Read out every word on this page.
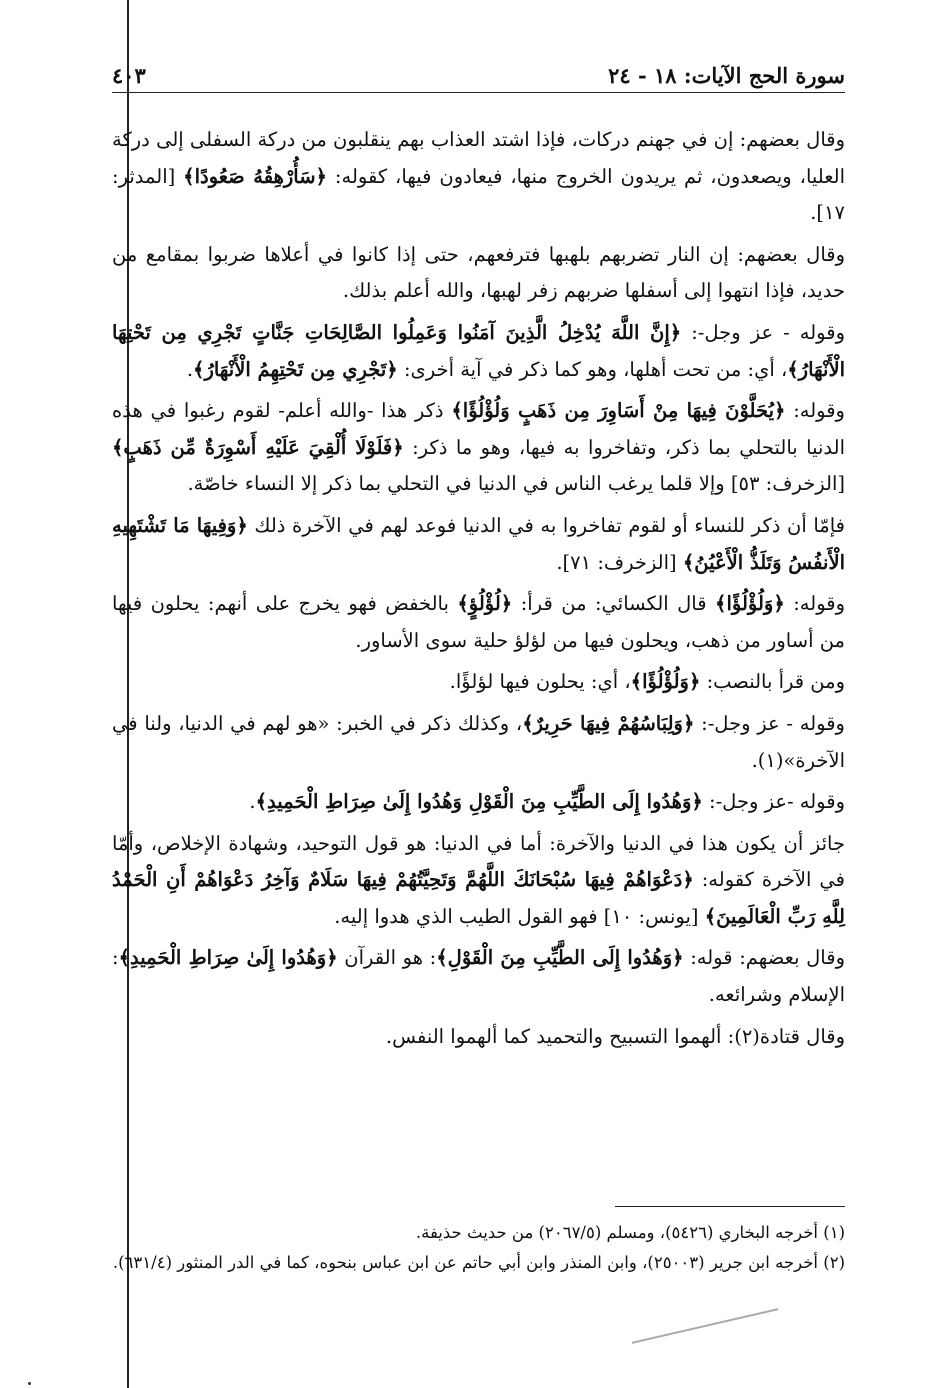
سورة الحج الآيات: ١٨ - ٢٤
٤٠٣

وقال بعضهم: إن في جهنم دركات، فإذا اشتد العذاب بهم ينقلبون من دركة السفلى إلى دركة العليا، ويصعدون، ثم يريدون الخروج منها، فيعادون فيها، كقوله: ﴿سَأُرْهِقُهُ صَعُودًا﴾ [المدثر: ١٧].

وقال بعضهم: إن النار تضربهم بلهبها فترفعهم، حتى إذا كانوا في أعلاها ضربوا بمقامع من حديد، فإذا انتهوا إلى أسفلها ضربهم زفر لهبها، والله أعلم بذلك.

وقوله - عز وجل-: ﴿إِنَّ اللَّهَ يُدْخِلُ الَّذِينَ آمَنُوا وَعَمِلُوا الصَّالِحَاتِ جَنَّاتٍ تَجْرِي مِن تَحْتِهَا الْأَنْهَارُ﴾، أي: من تحت أهلها، وهو كما ذكر في آية أخرى: ﴿تَجْرِي مِن تَحْتِهِمُ الْأَنْهَارُ﴾.

وقوله: ﴿يُحَلَّوْنَ فِيهَا مِنْ أَسَاوِرَ مِن ذَهَبٍ وَلُؤْلُؤًا﴾ ذكر هذا -والله أعلم- لقوم رغبوا في هذه الدنيا بالتحلي بما ذكر، وتفاخروا به فيها، وهو ما ذكر: ﴿فَلَوْلَا أُلْقِيَ عَلَيْهِ أَسْوِرَةٌ مِّن ذَهَبٍ﴾ [الزخرف: ٥٣] وإلا قلما يرغب الناس في الدنيا في التحلي بما ذكر إلا النساء خاصّة.

فإمّا أن ذكر للنساء أو لقوم تفاخروا به في الدنيا فوعد لهم في الآخرة ذلك ﴿وَفِيهَا مَا تَشْتَهِيهِ الْأَنفُسُ وَتَلَذُّ الْأَعْيُنُ﴾ [الزخرف: ٧١].

وقوله: ﴿وَلُؤْلُؤًا﴾ قال الكسائي: من قرأ: ﴿لُؤْلُؤٍ﴾ بالخفض فهو يخرج على أنهم: يحلون فيها من أساور من ذهب، ويحلون فيها من لؤلؤ حلية سوى الأساور.

ومن قرأ بالنصب: ﴿وَلُؤْلُؤًا﴾، أي: يحلون فيها لؤلؤًا.

وقوله - عز وجل-: ﴿وَلِبَاسُهُمْ فِيهَا حَرِيرٌ﴾، وكذلك ذكر في الخبر: «هو لهم في الدنيا، ولنا في الآخرة»(١).

وقوله -عز وجل-: ﴿وَهُدُوا إِلَى الطَّيِّبِ مِنَ الْقَوْلِ وَهُدُوا إِلَىٰ صِرَاطِ الْحَمِيدِ﴾.

جائز أن يكون هذا في الدنيا والآخرة: أما في الدنيا: هو قول التوحيد، وشهادة الإخلاص، وأمّا في الآخرة كقوله: ﴿دَعْوَاهُمْ فِيهَا سُبْحَانَكَ اللَّهُمَّ وَتَحِيَّتُهُمْ فِيهَا سَلَامٌ وَآخِرُ دَعْوَاهُمْ أَنِ الْحَمْدُ لِلَّهِ رَبِّ الْعَالَمِينَ﴾ [يونس: ١٠] فهو القول الطيب الذي هدوا إليه.

وقال بعضهم: قوله: ﴿وَهُدُوا إِلَى الطَّيِّبِ مِنَ الْقَوْلِ﴾: هو القرآن ﴿وَهُدُوا إِلَىٰ صِرَاطِ الْحَمِيدِ﴾: الإسلام وشرائعه.

وقال قتادة(٢): ألهموا التسبيح والتحميد كما ألهموا النفس.

(١) أخرجه البخاري (٥٤٢٦)، ومسلم (٢٠٦٧/٥) من حديث حذيفة.

(٢) أخرجه ابن جرير (٢٥٠٠٣)، وابن المنذر وابن أبي حاتم عن ابن عباس بنحوه، كما في الدر المنثور (٦٣١/٤).
